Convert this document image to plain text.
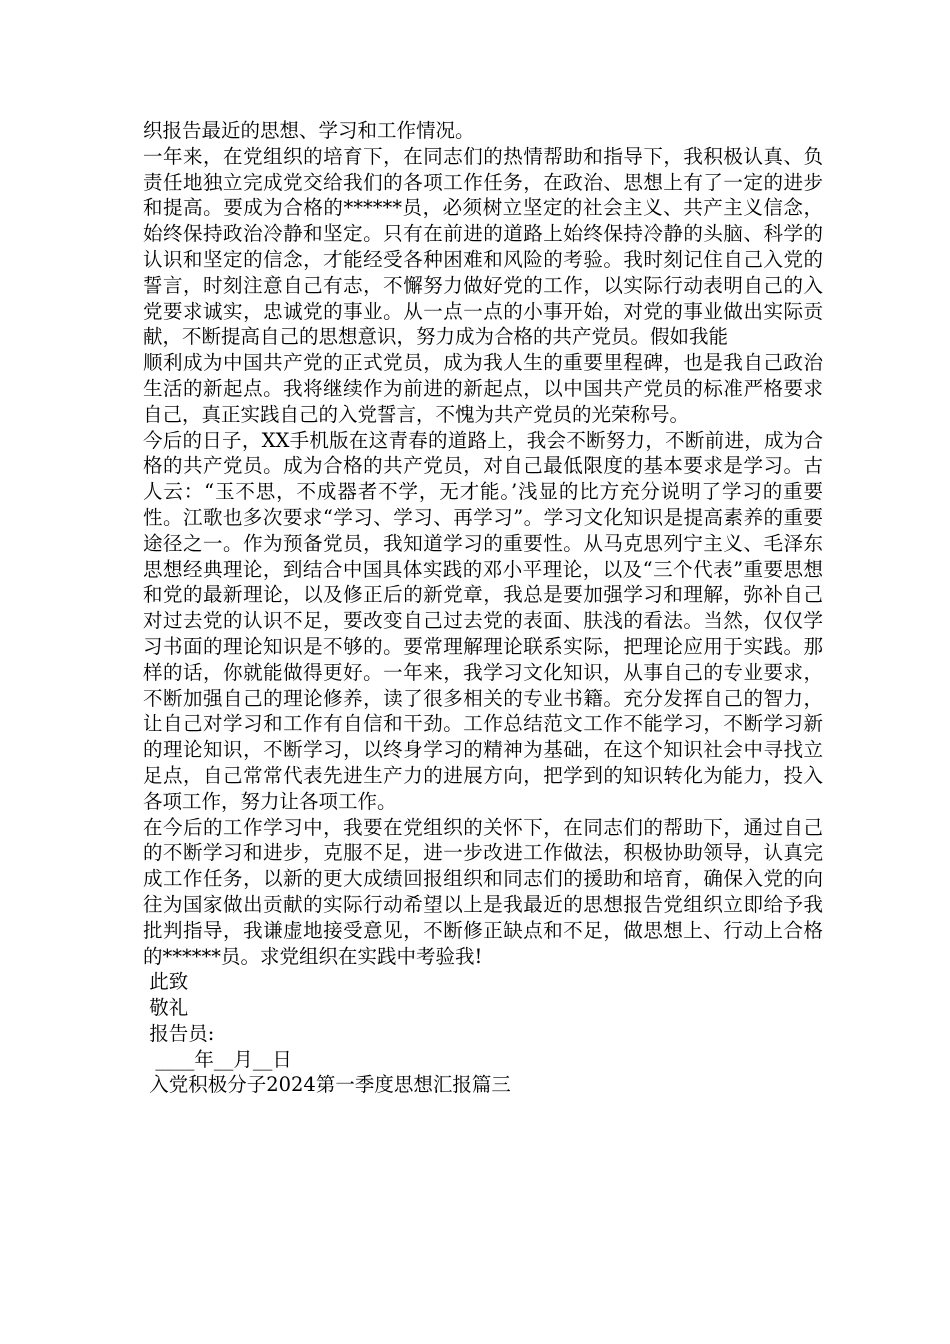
织报告最近的思想、学习和工作情况。

一年来，在党组织的培育下，在同志们的热情帮助和指导下，我积极认真、负责任地独立完成党交给我们的各项工作任务，在政治、思想上有了一定的进步和提高。要成为合格的******员，必须树立坚定的社会主义、共产主义信念，始终保持政治冷静和坚定。只有在前进的道路上始终保持冷静的头脑、科学的认识和坚定的信念，才能经受各种困难和风险的考验。我时刻记住自己入党的誓言，时刻注意自己有志，不懈努力做好党的工作，以实际行动表明自己的入党要求诚实，忠诚党的事业。从一点一点的小事开始，对党的事业做出实际贡献，不断提高自己的思想意识，努力成为合格的共产党员。假如我能

顺利成为中国共产党的正式党员，成为我人生的重要里程碑，也是我自己政治生活的新起点。我将继续作为前进的新起点，以中国共产党员的标准严格要求自己，真正实践自己的入党誓言，不愧为共产党员的光荣称号。

今后的日子，XX手机版在这青春的道路上，我会不断努力，不断前进，成为合格的共产党员。成为合格的共产党员，对自己最低限度的基本要求是学习。古人云：“玉不思，不成器者不学，无才能。’浅显的比方充分说明了学习的重要性。江歌也多次要求“学习、学习、再学习”。学习文化知识是提高素养的重要途径之一。作为预备党员，我知道学习的重要性。从马克思列宁主义、毛泽东思想经典理论，到结合中国具体实践的邓小平理论，以及“三个代表”重要思想和党的最新理论，以及修正后的新党章，我总是要加强学习和理解，弥补自己对过去党的认识不足，要改变自己过去党的表面、肤浅的看法。当然，仅仅学习书面的理论知识是不够的。要常理解理论联系实际，把理论应用于实践。那样的话，你就能做得更好。一年来，我学习文化知识，从事自己的专业要求，不断加强自己的理论修养，读了很多相关的专业书籍。充分发挥自己的智力，让自己对学习和工作有自信和干劲。工作总结范文工作不能学习，不断学习新的理论知识，不断学习，以终身学习的精神为基础，在这个知识社会中寻找立足点，自己常常代表先进生产力的进展方向，把学到的知识转化为能力，投入各项工作，努力让各项工作。

在今后的工作学习中，我要在党组织的关怀下，在同志们的帮助下，通过自己的不断学习和进步，克服不足，进一步改进工作做法，积极协助领导，认真完成工作任务，以新的更大成绩回报组织和同志们的援助和培育，确保入党的向往为国家做出贡献的实际行动希望以上是我最近的思想报告党组织立即给予我批判指导，我谦虚地接受意见，不断修正缺点和不足，做思想上、行动上合格的******员。求党组织在实践中考验我!

此致

敬礼

报告员:

____年__月__日

入党积极分子2024第一季度思想汇报篇三
